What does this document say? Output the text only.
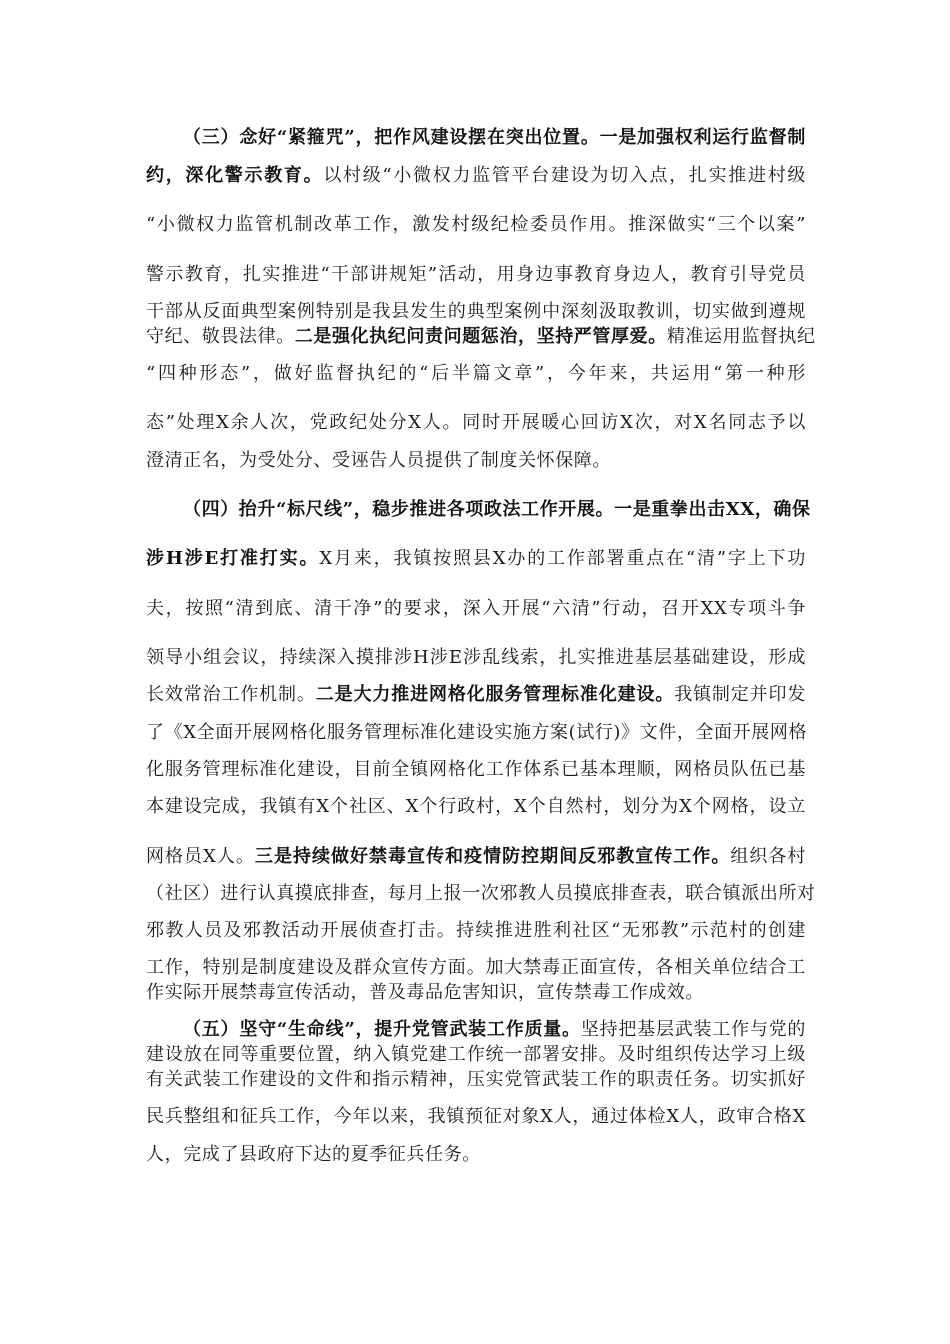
（三）念好“紧箍咒”，把作风建设摆在突出位置。一是加强权利运行监督制
约，深化警示教育。以村级“小微权力监管平台建设为切入点，扎实推进村级
“小微权力监管机制改革工作，激发村级纪检委员作用。推深做实“三个以案”
警示教育，扎实推进“干部讲规矩”活动，用身边事教育身边人，教育引导党员
干部从反面典型案例特别是我县发生的典型案例中深刻汲取教训，切实做到遵规
守纪、敬畏法律。二是强化执纪问责问题惩治，坚持严管厚爱。精准运用监督执纪
“四种形态”，做好监督执纪的“后半篇文章”，今年来，共运用“第一种形
态”处理X余人次，党政纪处分X人。同时开展暖心回访X次，对X名同志予以
澄清正名，为受处分、受诬告人员提供了制度关怀保障。
（四）抬升“标尺线”，稳步推进各项政法工作开展。一是重拳出击XX，确保
涉H涉E打准打实。X月来，我镇按照县X办的工作部署重点在“清”字上下功
夫，按照“清到底、清干净”的要求，深入开展“六清”行动，召开XX专项斗争
领导小组会议，持续深入摸排涉H涉E涉乱线索，扎实推进基层基础建设，形成
长效常治工作机制。二是大力推进网格化服务管理标准化建设。我镇制定并印发
了《X全面开展网格化服务管理标准化建设实施方案(试行)》文件，全面开展网格
化服务管理标准化建设，目前全镇网格化工作体系已基本理顺，网格员队伍已基
本建设完成，我镇有X个社区、X个行政村，X个自然村，划分为X个网格，设立
网格员X人。三是持续做好禁毒宣传和疫情防控期间反邪教宣传工作。组织各村
（社区）进行认真摸底排查，每月上报一次邪教人员摸底排查表，联合镇派出所对
邪教人员及邪教活动开展侦查打击。持续推进胜利社区“无邪教”示范村的创建
工作，特别是制度建设及群众宣传方面。加大禁毒正面宣传，各相关单位结合工
作实际开展禁毒宣传活动，普及毒品危害知识，宣传禁毒工作成效。
（五）坚守“生命线”，提升党管武装工作质量。坚持把基层武装工作与党的
建设放在同等重要位置，纳入镇党建工作统一部署安排。及时组织传达学习上级
有关武装工作建设的文件和指示精神，压实党管武装工作的职责任务。切实抓好
民兵整组和征兵工作，今年以来，我镇预征对象X人，通过体检X人，政审合格X
人，完成了县政府下达的夏季征兵任务。
